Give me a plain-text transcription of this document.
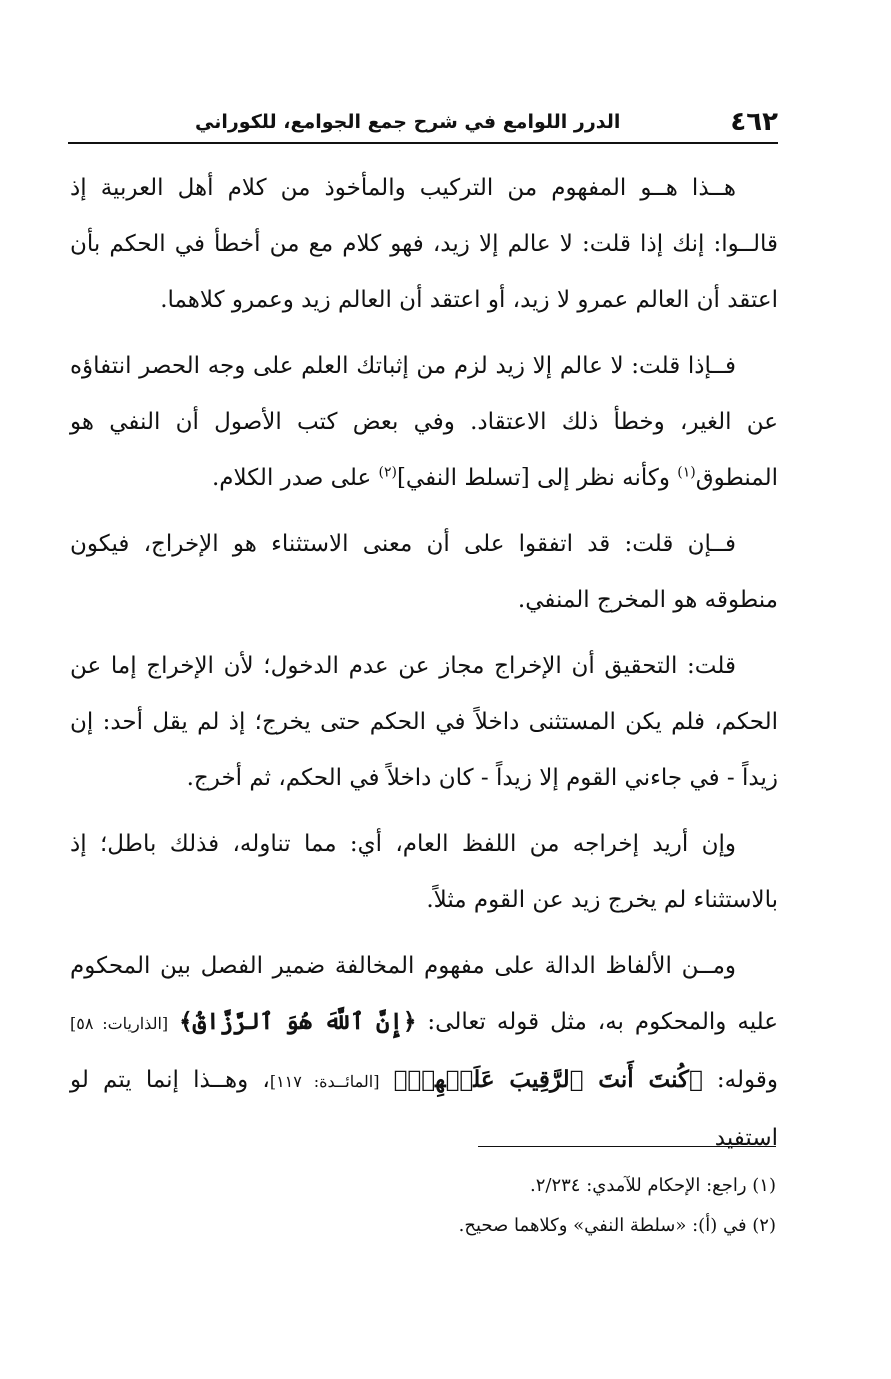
٤٦٢
الدرر اللوامع في شرح جمع الجوامع، للكوراني

هــذا هــو المفهوم من التركيب والمأخوذ من كلام أهل العربية إذ قالــوا: إنك إذا قلت: لا عالم إلا زيد، فهو كلام مع من أخطأ في الحكم بأن اعتقد أن العالم عمرو لا زيد، أو اعتقد أن العالم زيد وعمرو كلاهما.

فــإذا قلت: لا عالم إلا زيد لزم من إثباتك العلم على وجه الحصر انتفاؤه عن الغير، وخطأ ذلك الاعتقاد. وفي بعض كتب الأصول أن النفي هو المنطوق$^{(١)}$ وكأنه نظر إلى [تسلط النفي]$^{(٢)}$ على صدر الكلام.

فــإن قلت: قد اتفقوا على أن معنى الاستثناء هو الإخراج، فيكون منطوقه هو المخرج المنفي.

قلت: التحقيق أن الإخراج مجاز عن عدم الدخول؛ لأن الإخراج إما عن الحكم، فلم يكن المستثنى داخلاً في الحكم حتى يخرج؛ إذ لم يقل أحد: إن زيداً - في جاءني القوم إلا زيداً - كان داخلاً في الحكم، ثم أخرج.

وإن أريد إخراجه من اللفظ العام، أي: مما تناوله، فذلك باطل؛ إذ بالاستثناء لم يخرج زيد عن القوم مثلاً.

ومــن الألفاظ الدالة على مفهوم المخالفة ضمير الفصل بين المحكوم عليه والمحكوم به، مثل قوله تعالى: ﴿إِنَّ ٱللَّهَ هُوَ ٱلرَّزَّاقُ﴾ [الذاريات: ٥٨] وقوله: ﴿كُنتَ أَنتَ ٱلرَّقِيبَ عَلَيۡهِمۡ﴾ [المائــدة: ١١٧]، وهــذا إنما يتم لو استفيد

(١) راجع: الإحكام للآمدي: ٢/٢٣٤.

(٢) في (أ): «سلطة النفي» وكلاهما صحيح.
